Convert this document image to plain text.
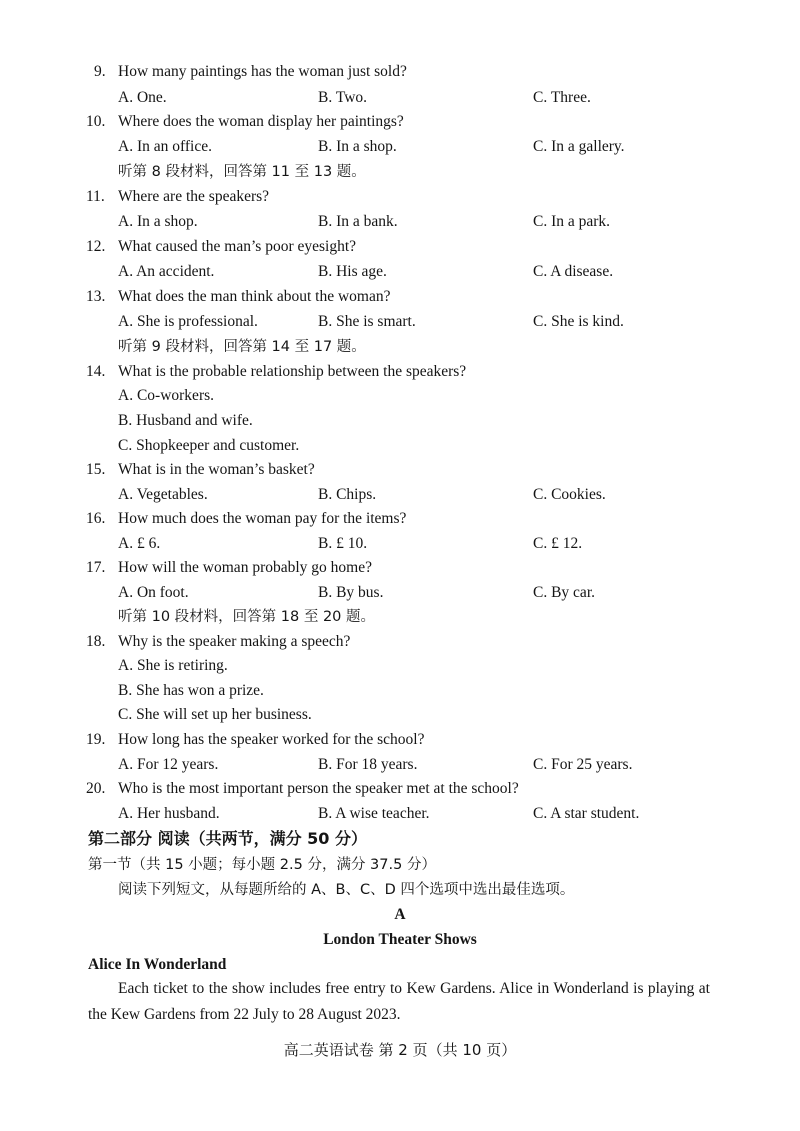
9. How many paintings has the woman just sold?
A. One.	B. Two.	C. Three.
10. Where does the woman display her paintings?
A. In an office.	B. In a shop.	C. In a gallery.
听第 8 段材料，回答第 11 至 13 题。
11. Where are the speakers?
A. In a shop.	B. In a bank.	C. In a park.
12. What caused the man’s poor eyesight?
A. An accident.	B. His age.	C. A disease.
13. What does the man think about the woman?
A. She is professional.	B. She is smart.	C. She is kind.
听第 9 段材料，回答第 14 至 17 题。
14. What is the probable relationship between the speakers?
A. Co-workers.
B. Husband and wife.
C. Shopkeeper and customer.
15. What is in the woman’s basket?
A. Vegetables.	B. Chips.	C. Cookies.
16. How much does the woman pay for the items?
A. £ 6.	B. £ 10.	C. £ 12.
17. How will the woman probably go home?
A. On foot.	B. By bus.	C. By car.
听第 10 段材料，回答第 18 至 20 题。
18. Why is the speaker making a speech?
A. She is retiring.
B. She has won a prize.
C. She will set up her business.
19. How long has the speaker worked for the school?
A. For 12 years.	B. For 18 years.	C. For 25 years.
20. Who is the most important person the speaker met at the school?
A. Her husband.	B. A wise teacher.	C. A star student.
第二部分 阅读（共两节，满分 50 分）
第一节（共 15 小题；每小题 2.5 分，满分 37.5 分）
阅读下列短文，从每题所给的 A、B、C、D 四个选项中选出最佳选项。
A
London Theater Shows
Alice In Wonderland
Each ticket to the show includes free entry to Kew Gardens. Alice in Wonderland is playing at the Kew Gardens from 22 July to 28 August 2023.
高二英语试卷 第 2 页（共 10 页）
